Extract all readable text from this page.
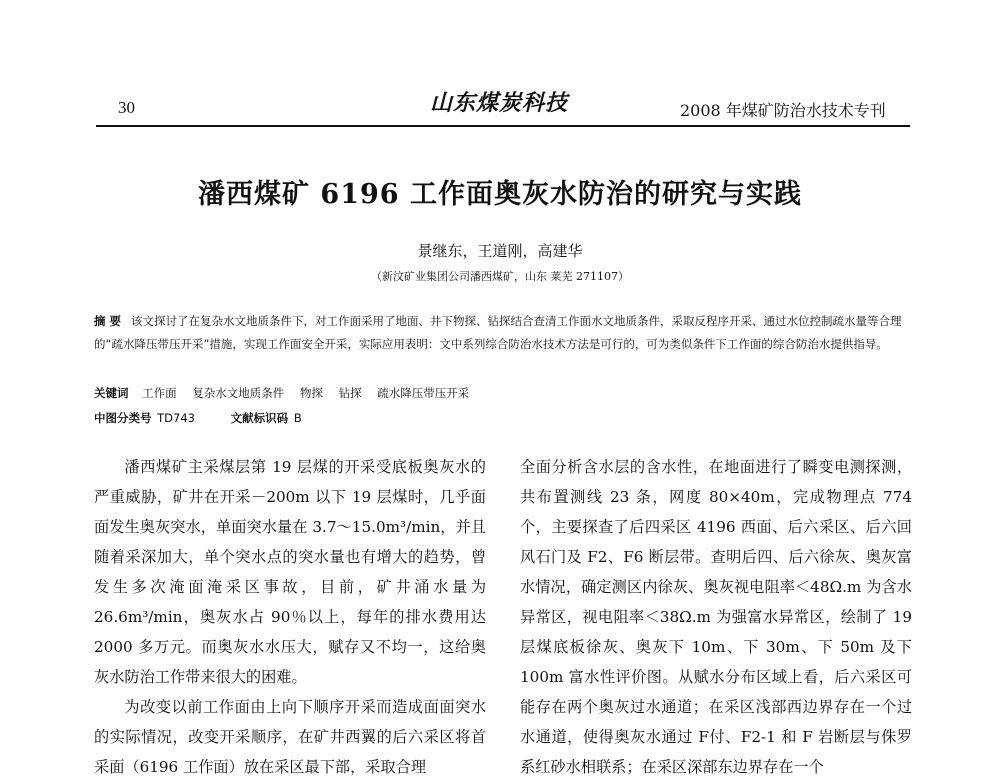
30	山东煤炭科技	2008 年煤矿防治水技术专刊
潘西煤矿 6196 工作面奥灰水防治的研究与实践
景继东，王道刚，高建华
（新汶矿业集团公司潘西煤矿，山东 莱芜 271107）
摘 要 该文探讨了在复杂水文地质条件下，对工作面采用了地面、井下物探、钻探结合查清工作面水文地质条件，采取反程序开采、通过水位控制疏水量等合理的“疏水降压带压开采”措施，实现工作面安全开采，实际应用表明：文中系列综合防治水技术方法是可行的，可为类似条件下工作面的综合防治水提供指导。
关键词 工作面 复杂水文地质条件 物探 钻探 疏水降压带压开采
中图分类号 TD743	文献标识码 B

潘西煤矿主采煤层第 19 层煤的开采受底板奥灰水的严重威胁，矿井在开采－200m 以下 19 层煤时，几乎面面发生奥灰突水，单面突水量在 3.7～15.0m³/min，并且随着采深加大，单个突水点的突水量也有增大的趋势，曾发生多次淹面淹采区事故，目前，矿井涌水量为 26.6m³/min，奥灰水占 90％以上，每年的排水费用达 2000 多万元。而奥灰水水压大，赋存又不均一，这给奥灰水防治工作带来很大的困难。

为改变以前工作面由上向下顺序开采而造成面面突水的实际情况，改变开采顺序，在矿井西翼的后六采区将首采面（6196 工作面）放在采区最下部，采取合理

全面分析含水层的含水性，在地面进行了瞬变电测探测，共布置测线 23 条，网度 80×40m，完成物理点 774 个，主要探查了后四采区 4196 西面、后六采区、后六回风石门及 F2、F6 断层带。查明后四、后六徐灰、奥灰富水情况，确定测区内徐灰、奥灰视电阻率＜48Ω.m 为含水异常区，视电阻率＜38Ω.m 为强富水异常区，绘制了 19 层煤底板徐灰、奥灰下 10m、下 30m、下 50m 及下 100m 富水性评价图。从赋水分布区域上看，后六采区可能存在两个奥灰过水通道；在采区浅部西边界存在一个过水通道，使得奥灰水通过 F付、F2-1 和 F 岩断层与侏罗系红砂水相联系；在采区深部东边界存在一个
